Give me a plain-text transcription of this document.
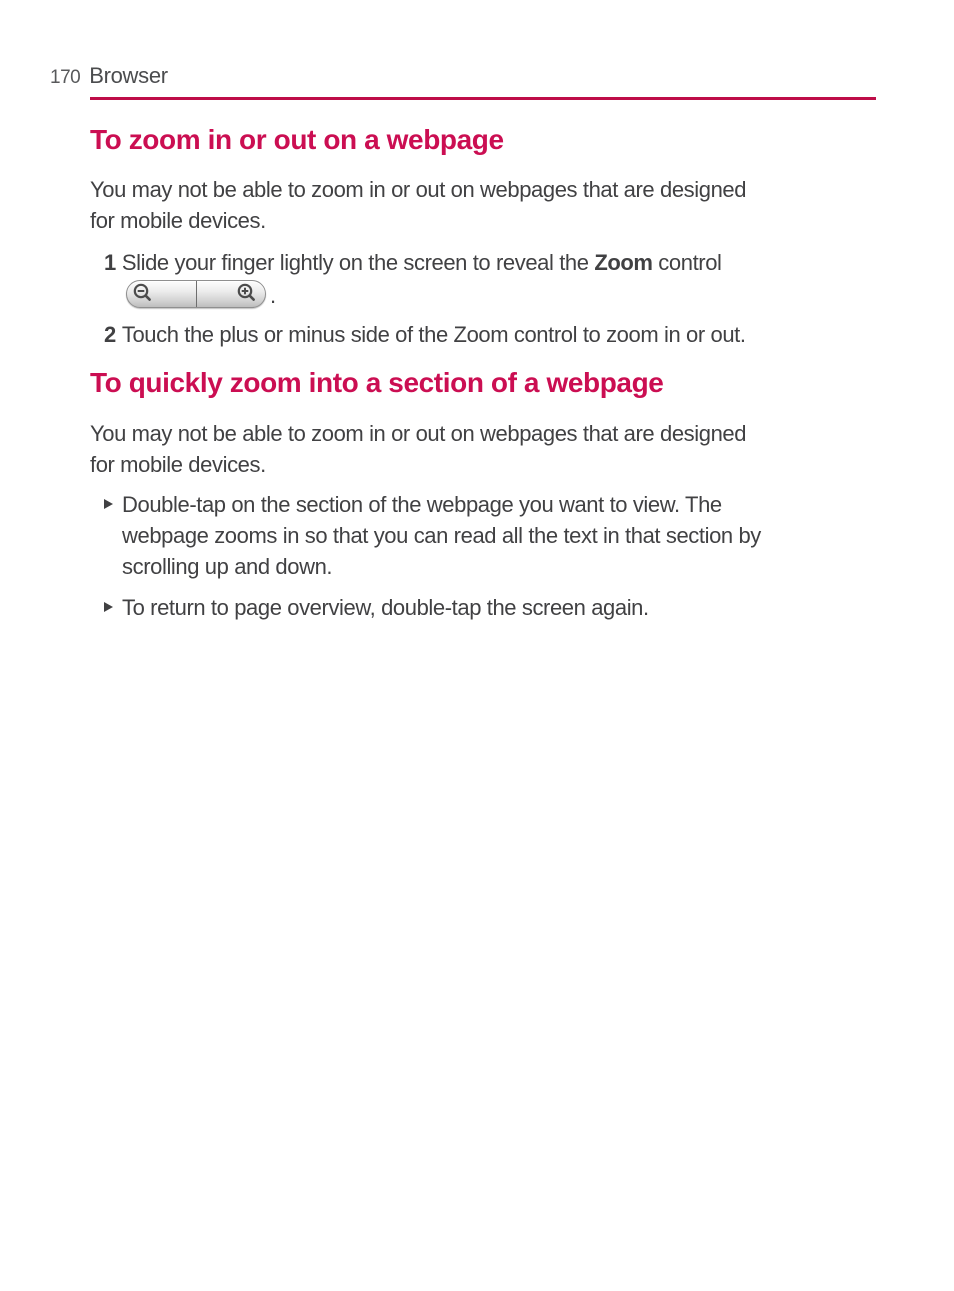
170 Browser
To zoom in or out on a webpage
You may not be able to zoom in or out on webpages that are designed
for mobile devices.
1 Slide your finger lightly on the screen to reveal the Zoom control
.
2 Touch the plus or minus side of the Zoom control to zoom in or out.
To quickly zoom into a section of a webpage
You may not be able to zoom in or out on webpages that are designed
for mobile devices.
Double-tap on the section of the webpage you want to view. The
webpage zooms in so that you can read all the text in that section by
scrolling up and down.
To return to page overview, double-tap the screen again.
